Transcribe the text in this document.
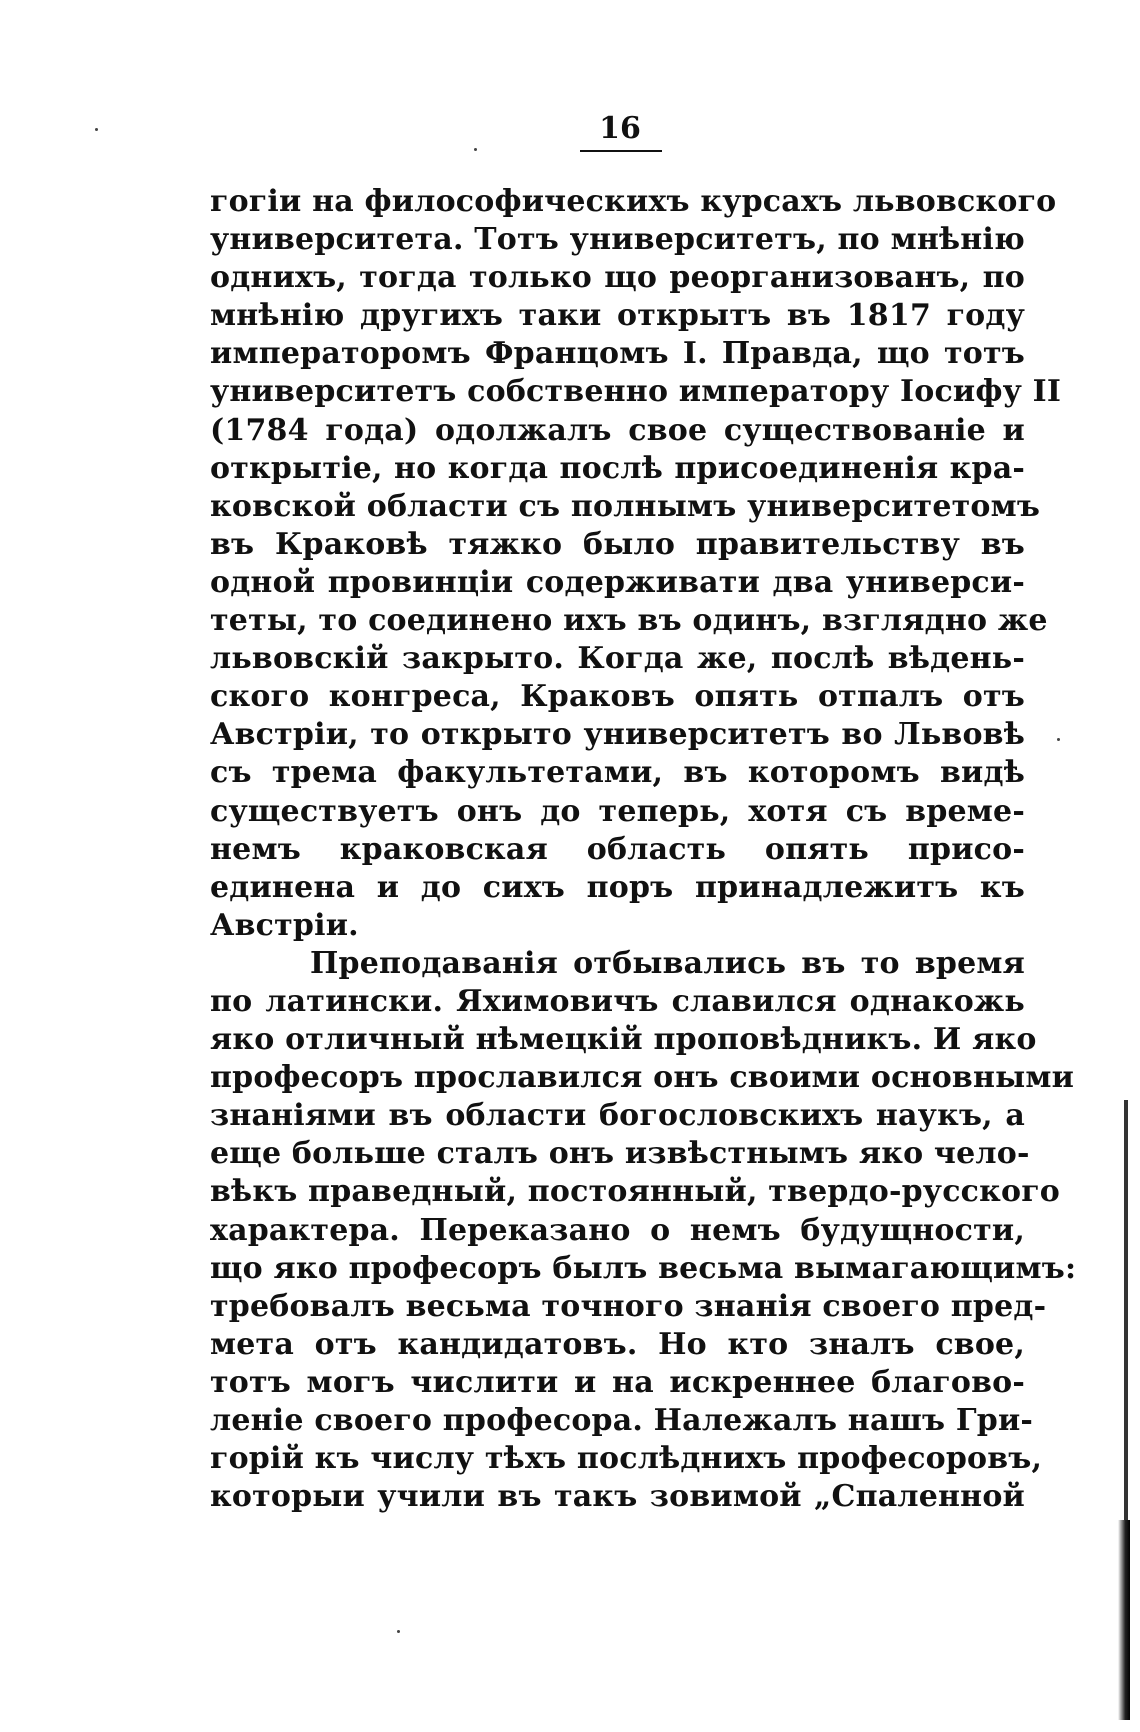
16
гогіи на философическихъ курсахъ львовского
университета. Тотъ университетъ, по мнѣнію
однихъ, тогда только що реорганизованъ, по
мнѣнію другихъ таки открытъ въ 1817 году
императоромъ Францомъ I. Правда, що тотъ
университетъ собственно императору Іосифу II
(1784 года) одолжалъ свое существованіе и
открытіе, но когда послѣ присоединенія кра-
ковской области съ полнымъ университетомъ
въ Краковѣ тяжко было правительству въ
одной провинціи содерживати два универси-
теты, то соединено ихъ въ одинъ, взглядно же
львовскій закрыто. Когда же, послѣ вѣдень-
ского конгреса, Краковъ опять отпалъ отъ
Австріи, то открыто университетъ во Львовѣ
съ трема факультетами, въ которомъ видѣ
существуетъ онъ до теперь, хотя съ време-
немъ краковская область опять присо-
единена и до сихъ поръ принадлежитъ къ
Австріи.
Преподаванія отбывались въ то время
по латински. Яхимовичъ славился однакожь
яко отличный нѣмецкій проповѣдникъ. И яко
професоръ прославился онъ своими основными
знаніями въ области богословскихъ наукъ, а
еще больше сталъ онъ извѣстнымъ яко чело-
вѣкъ праведный, постоянный, твердо-русского
характера. Переказано о немъ будущности,
що яко професоръ былъ весьма вымагающимъ:
требовалъ весьма точного знанія своего пред-
мета отъ кандидатовъ. Но кто зналъ свое,
тотъ могъ числити и на искреннее благово-
леніе своего професора. Належалъ нашъ Гри-
горій къ числу тѣхъ послѣднихъ професоровъ,
которыи учили въ такъ зовимой „Спаленной
